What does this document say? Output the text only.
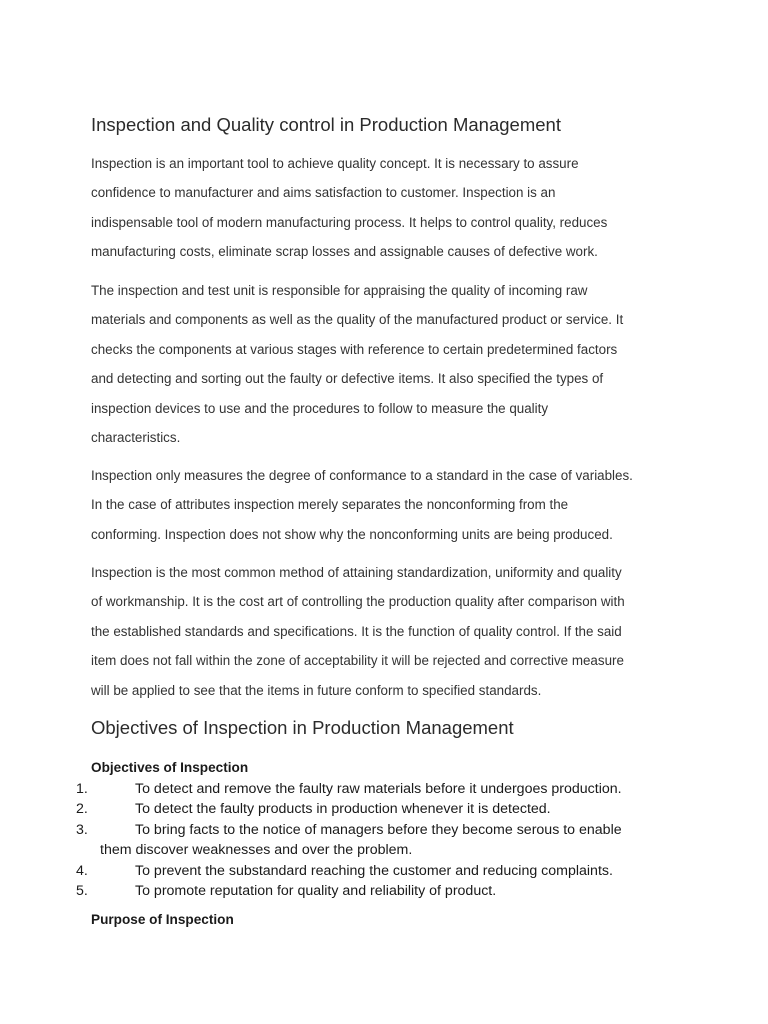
Inspection and Quality control in Production Management
Inspection is an important tool to achieve quality concept. It is necessary to assure
confidence to manufacturer and aims satisfaction to customer. Inspection is an
indispensable tool of modern manufacturing process. It helps to control quality, reduces
manufacturing costs, eliminate scrap losses and assignable causes of defective work.
The inspection and test unit is responsible for appraising the quality of incoming raw
materials and components as well as the quality of the manufactured product or service. It
checks the components at various stages with reference to certain predetermined factors
and detecting and sorting out the faulty or defective items. It also specified the types of
inspection devices to use and the procedures to follow to measure the quality
characteristics.
Inspection only measures the degree of conformance to a standard in the case of variables.
In the case of attributes inspection merely separates the nonconforming from the
conforming. Inspection does not show why the nonconforming units are being produced.
Inspection is the most common method of attaining standardization, uniformity and quality
of workmanship. It is the cost art of controlling the production quality after comparison with
the established standards and specifications. It is the function of quality control. If the said
item does not fall within the zone of acceptability it will be rejected and corrective measure
will be applied to see that the items in future conform to specified standards.
Objectives of Inspection in Production Management

Objectives of Inspection

1.	To detect and remove the faulty raw materials before it undergoes production.
2.	To detect the faulty products in production whenever it is detected.
3.	To bring facts to the notice of managers before they become serous to enable
them discover weaknesses and over the problem.
4.	To prevent the substandard reaching the customer and reducing complaints.
5.	To promote reputation for quality and reliability of product.

Purpose of Inspection
